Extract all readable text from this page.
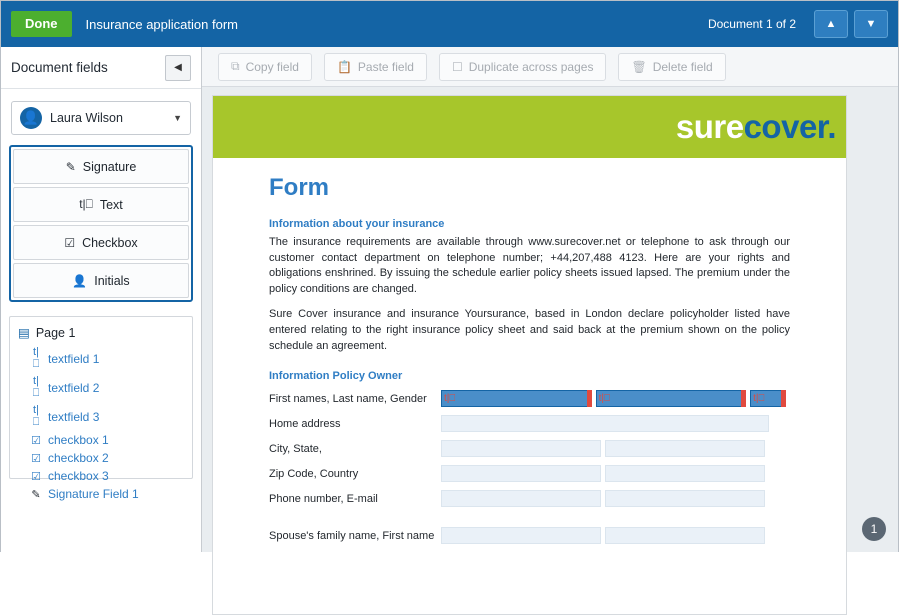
Done	Insurance application form	Document 1 of 2	▲	▼
Document fields	◀
👤 Laura Wilson	▼
✎ Signature
t|⎕ Text
☑ Checkbox
👤 Initials
▤ Page 1
t|⎕ textfield 1
t|⎕ textfield 2
t|⎕ textfield 3
☑ checkbox 1
☑ checkbox 2
☑ checkbox 3
✎ Signature Field 1
⧉ Copy field	📋 Paste field	☐ Duplicate across pages	🗑 Delete field
surecover.
Form
Information about your insurance

The insurance requirements are available through www.surecover.net or telephone to ask through our customer contact department on telephone number; +44,207,488 4123. Here are your rights and obligations enshrined. By issuing the schedule earlier policy sheets issued lapsed. The premium under the policy conditions are changed.

Sure Cover insurance and insurance Yoursurance, based in London declare policyholder listed have entered relating to the right insurance policy sheet and said back at the premium shown on the policy schedule an agreement.

Information Policy Owner
First names, Last name, Gender	t|⎕	t|⎕	t|⎕
Home address
City, State,
Zip Code, Country
Phone number, E-mail
Spouse's family name, First name	1
